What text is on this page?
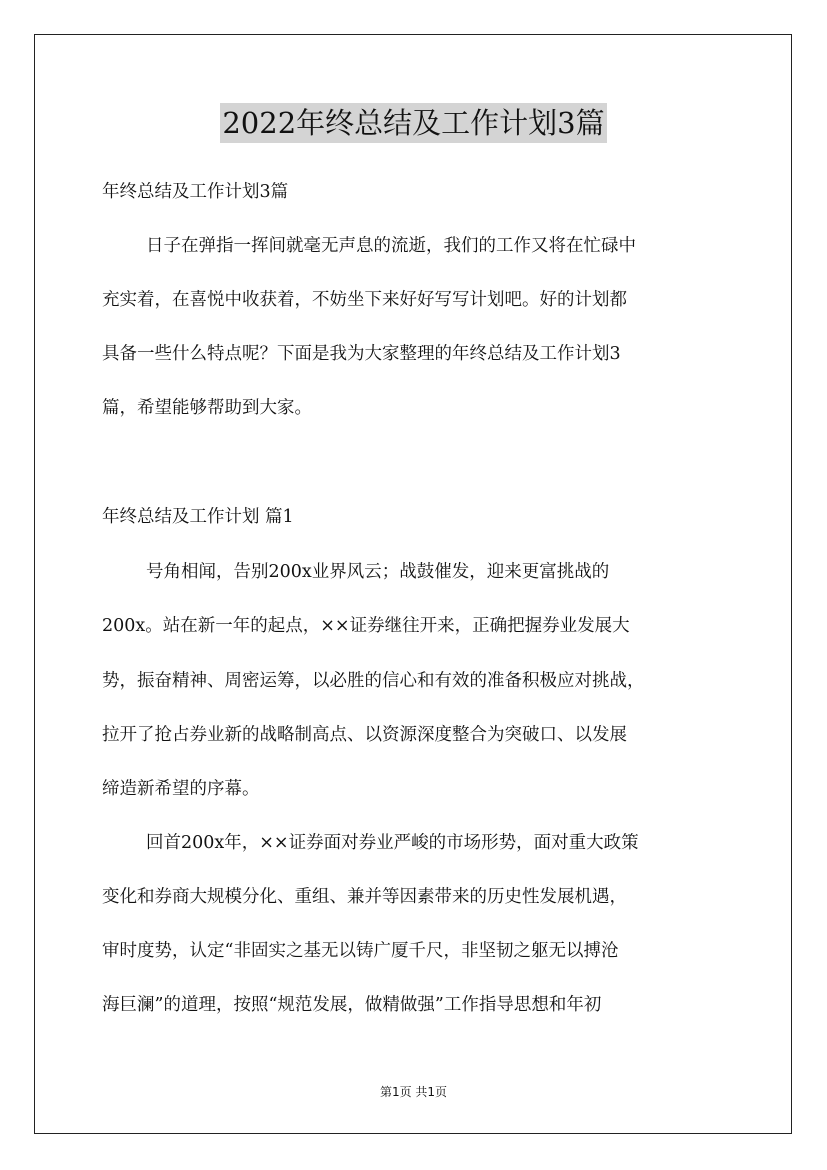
2022年终总结及工作计划3篇
年终总结及工作计划3篇
日子在弹指一挥间就毫无声息的流逝，我们的工作又将在忙碌中
充实着，在喜悦中收获着，不妨坐下来好好写写计划吧。好的计划都
具备一些什么特点呢？下面是我为大家整理的年终总结及工作计划3
篇，希望能够帮助到大家。
年终总结及工作计划 篇1
号角相闻，告别200x业界风云；战鼓催发，迎来更富挑战的
200x。站在新一年的起点，××证券继往开来，正确把握券业发展大
势，振奋精神、周密运筹，以必胜的信心和有效的准备积极应对挑战，
拉开了抢占券业新的战略制高点、以资源深度整合为突破口、以发展
缔造新希望的序幕。
回首200x年，××证券面对券业严峻的市场形势，面对重大政策
变化和券商大规模分化、重组、兼并等因素带来的历史性发展机遇，
审时度势，认定“非固实之基无以铸广厦千尺，非坚韧之躯无以搏沧
海巨澜”的道理，按照“规范发展，做精做强”工作指导思想和年初
第1页 共1页
